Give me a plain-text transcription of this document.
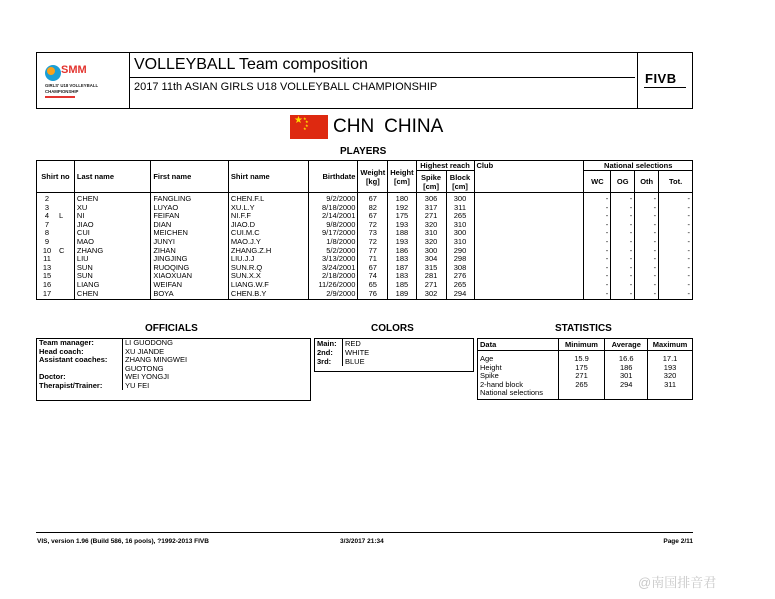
SMM
GIRLS' U18 VOLLEYBALL
CHAMPIONSHIP
VOLLEYBALL Team composition
2017 11th ASIAN GIRLS U18 VOLLEYBALL CHAMPIONSHIP
FIVB
★ ★
★
★
★ CHN CHINA
PLAYERS
Shirt no	Last name	First name	Shirt name	Birthdate	Weight [kg]	Height [cm]	Highest reach		Club	National selections			
							Spike [cm]	Block [cm]		WC	OG	Oth	Tot.
2	CHEN	FANGLING	CHEN.F.L	9/2/2000	67	180	306	300		-	-	-	-
3	XU	LUYAO	XU.L.Y	8/18/2000	82	192	317	311		-	-	-	-
4 L	NI	FEIFAN	NI.F.F	2/14/2001	67	175	271	265		-	-	-	-
7	JIAO	DIAN	JIAO.D	9/8/2000	72	193	320	310		-	-	-	-
8	CUI	MEICHEN	CUI.M.C	9/17/2000	73	188	310	300		-	-	-	-
9	MAO	JUNYI	MAO.J.Y	1/8/2000	72	193	320	310		-	-	-	-
10 C	ZHANG	ZIHAN	ZHANG.Z.H	5/2/2000	77	186	300	290		-	-	-	-
11	LIU	JINGJING	LIU.J.J	3/13/2000	71	183	304	298		-	-	-	-
13	SUN	RUOQING	SUN.R.Q	3/24/2001	67	187	315	308		-	-	-	-
15	SUN	XIAOXUAN	SUN.X.X	2/18/2000	74	183	281	276		-	-	-	-
16	LIANG	WEIFAN	LIANG.W.F	11/26/2000	65	185	271	265		-	-	-	-
17	CHEN	BOYA	CHEN.B.Y	2/9/2000	76	189	302	294		-	-	-	-
OFFICIALS
Team manager:	LI GUODONG
Head coach:	XU JIANDE
Assistant coaches:	ZHANG MINGWEI
GUOTONG
Doctor:	WEI YONGJI
Therapist/Trainer:	YU FEI
COLORS
Main:	RED
2nd:	WHITE
3rd:	BLUE
STATISTICS
Data	Minimum	Average	Maximum
Age	15.9	16.6	17.1
Height	175	186	193
Spike	271	301	320
2-hand block	265	294	311
National selections			
VIS, version 1.96 (Build 586, 16 pools), ?1992-2013 FIVB	3/3/2017 21:34	Page 2/11
@南国排音君
